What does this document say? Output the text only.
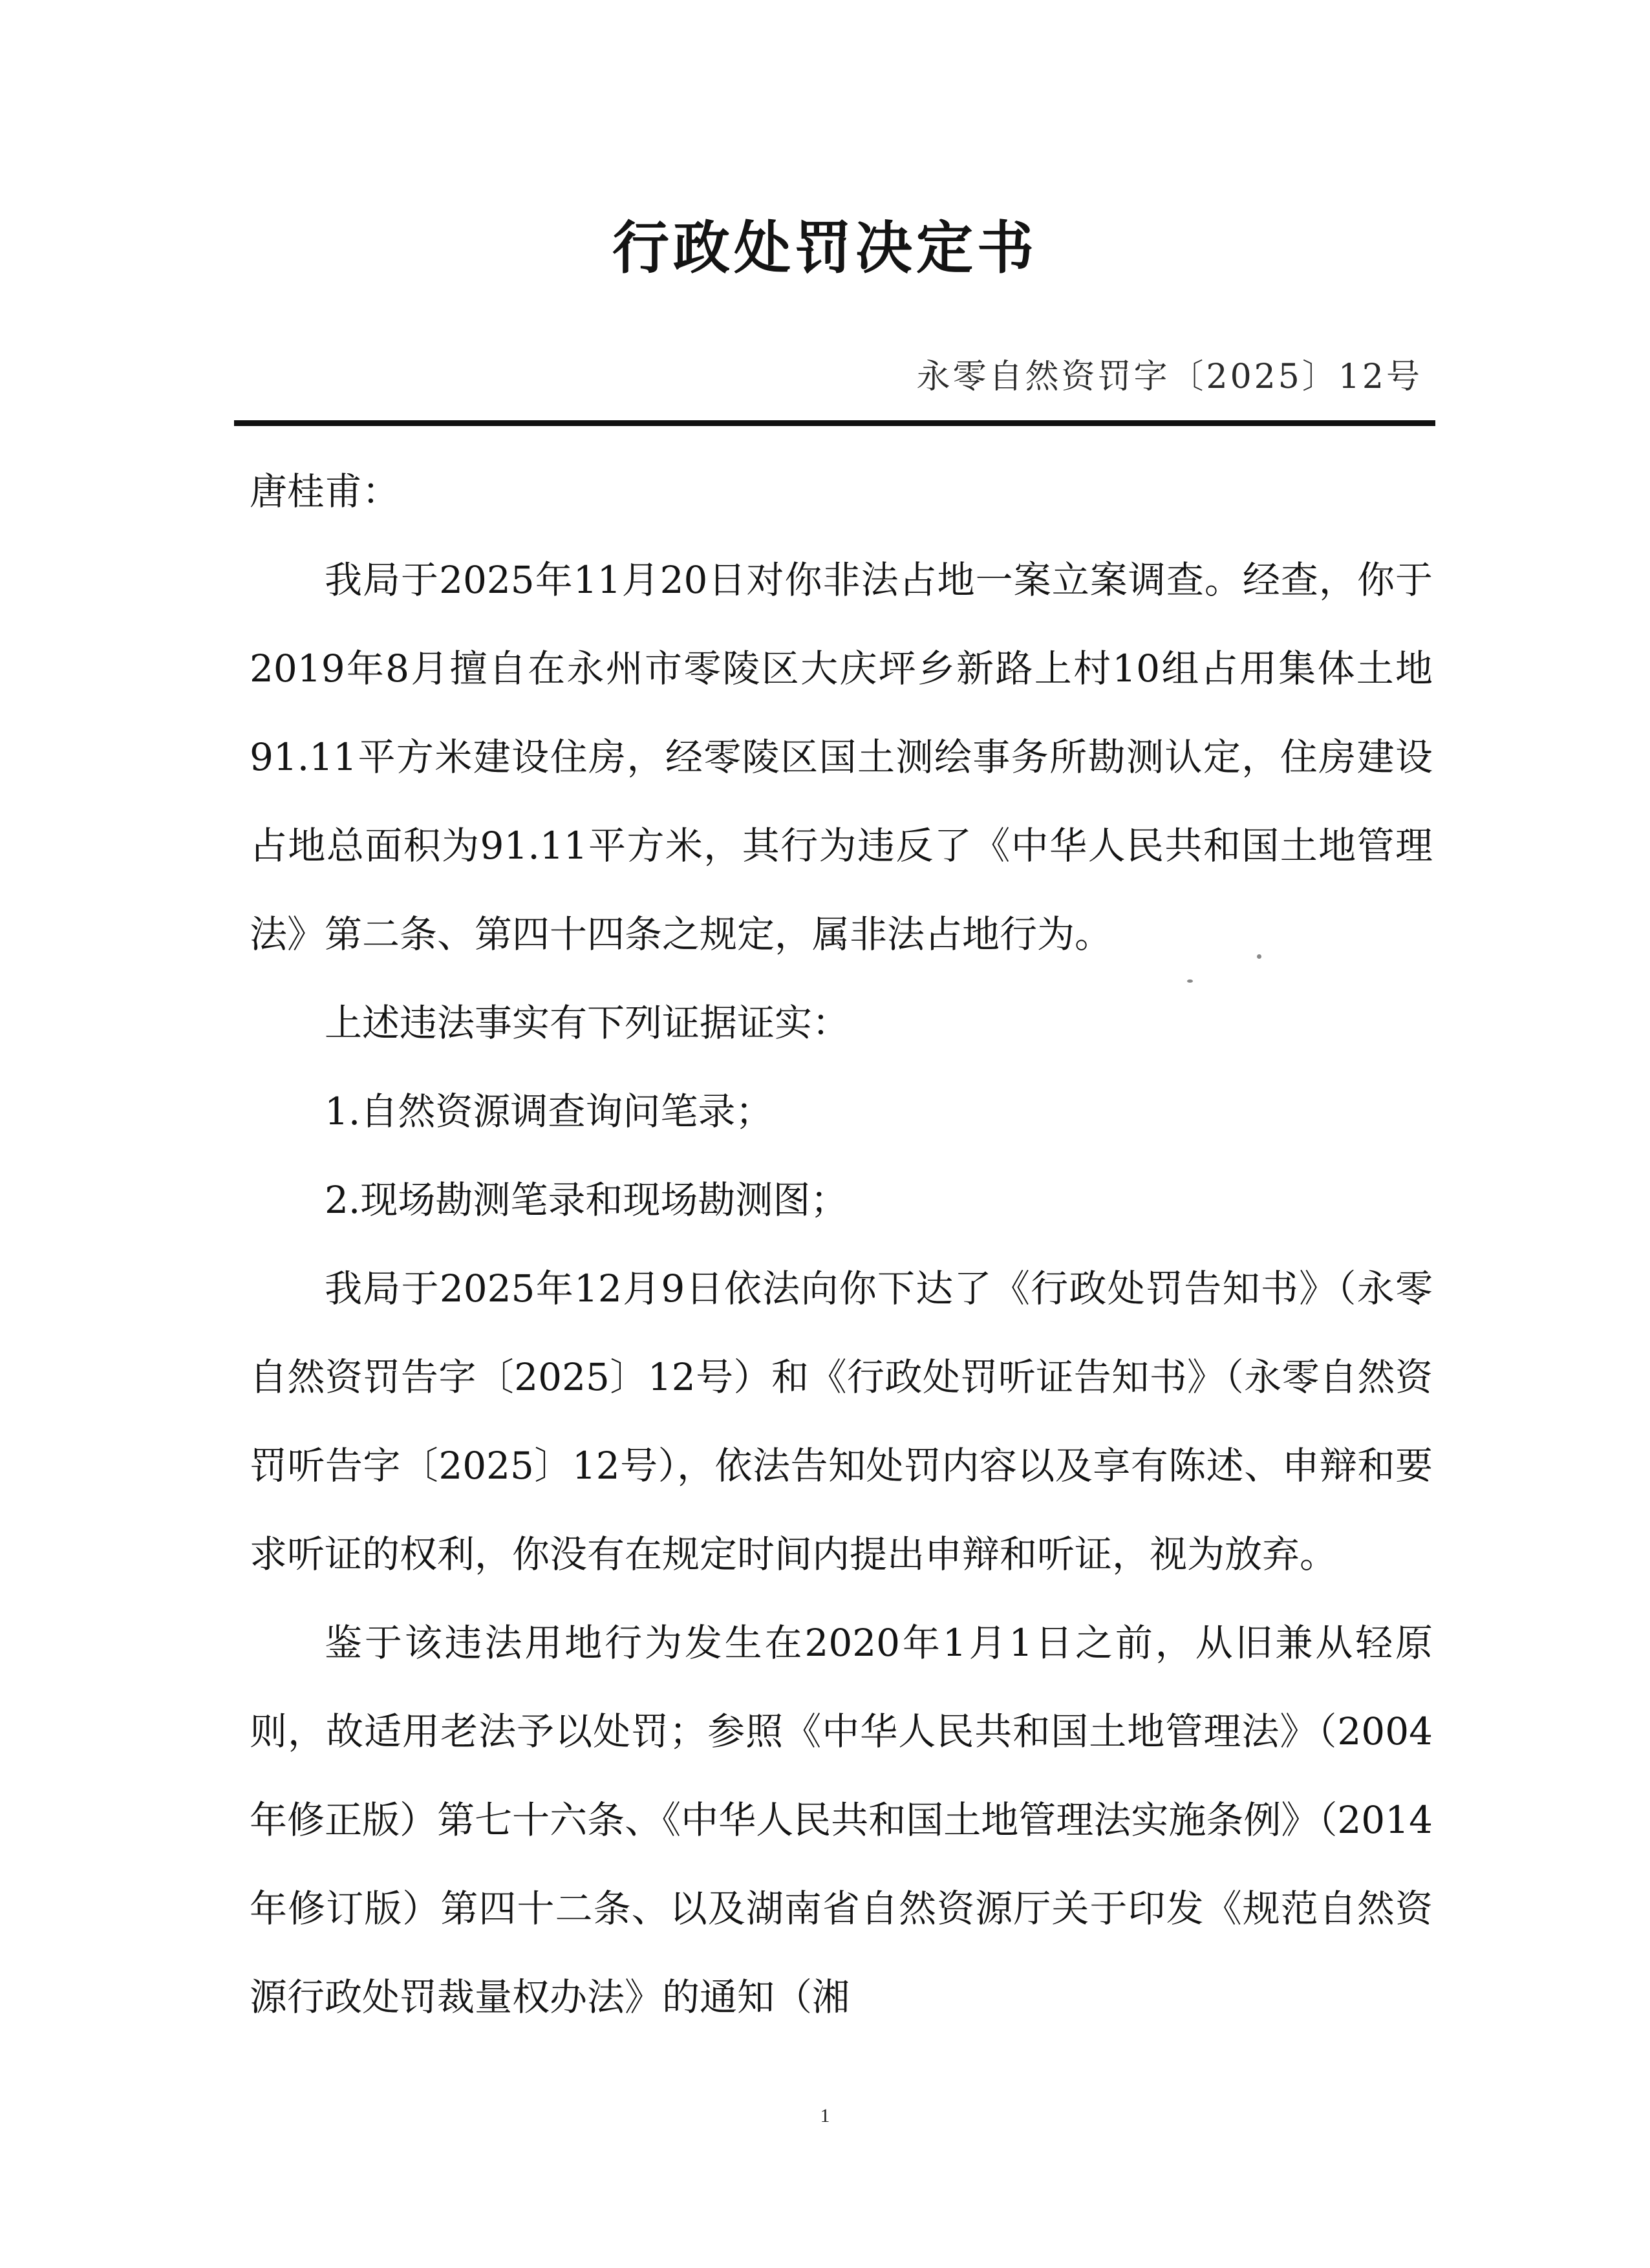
行政处罚决定书
永零自然资罚字〔2025〕12号

唐桂甫：

我局于2025年11月20日对你非法占地一案立案调查。经查，你于2019年8月擅自在永州市零陵区大庆坪乡新路上村10组占用集体土地91.11平方米建设住房，经零陵区国土测绘事务所勘测认定，住房建设占地总面积为91.11平方米，其行为违反了《中华人民共和国土地管理法》第二条、第四十四条之规定，属非法占地行为。

上述违法事实有下列证据证实：

1.自然资源调查询问笔录；

2.现场勘测笔录和现场勘测图；

我局于2025年12月9日依法向你下达了《行政处罚告知书》（永零自然资罚告字〔2025〕12号）和《行政处罚听证告知书》（永零自然资罚听告字〔2025〕12号），依法告知处罚内容以及享有陈述、申辩和要求听证的权利，你没有在规定时间内提出申辩和听证，视为放弃。

鉴于该违法用地行为发生在2020年1月1日之前，从旧兼从轻原则，故适用老法予以处罚；参照《中华人民共和国土地管理法》（2004年修正版）第七十六条、《中华人民共和国土地管理法实施条例》（2014年修订版）第四十二条、以及湖南省自然资源厅关于印发《规范自然资源行政处罚裁量权办法》的通知（湘

1
